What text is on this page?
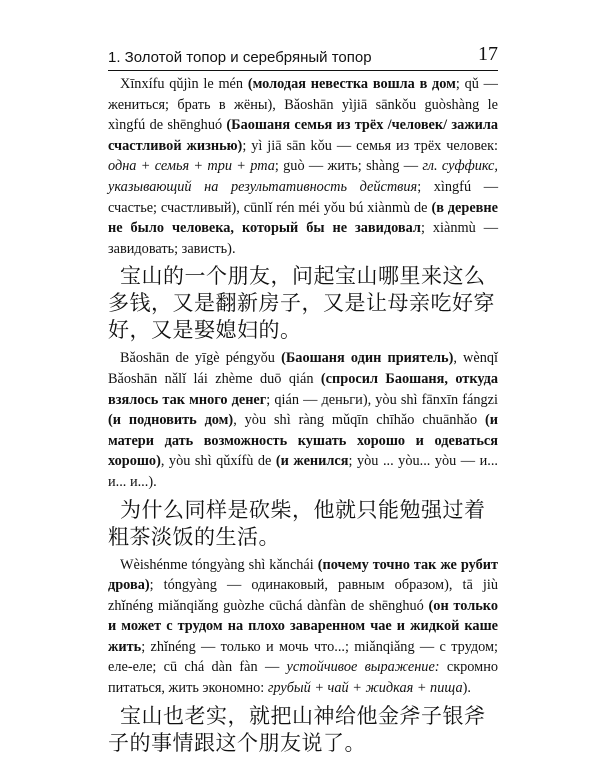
1. Золотой топор и серебряный топор	17

Xīnxífu qǔjìn le mén (молодая невестка вошла в дом; qǔ — жениться; брать в жёны), Bǎoshān yìjiā sānkǒu guòshàng le xìngfú de shēnghuó (Баошаня семья из трёх /человек/ зажила счастливой жизнью); yì jiā sān kǒu — семья из трёх человек: одна + семья + три + рта; guò — жить; shàng — гл. суффикс, указывающий на результативность действия; xìngfú — счастье; счастливый), cūnlǐ rén méi yǒu bú xiànmù de (в деревне не было человека, который бы не завидовал; xiànmù — завидовать; зависть).

宝山的一个朋友，问起宝山哪里来这么多钱，又是翻新房子，又是让母亲吃好穿好，又是娶媳妇的。

Bǎoshān de yīgè péngyǒu (Баошаня один приятель), wènqǐ Bǎoshān nǎlǐ lái zhème duō qián (спросил Баошаня, откуда взялось так много денег; qián — деньги), yòu shì fānxīn fángzi (и подновить дом), yòu shì ràng mǔqīn chīhǎo chuānhǎo (и матери дать возможность кушать хорошо и одеваться хорошо), yòu shì qǔxífù de (и женился; yòu ... yòu... yòu — и... и... и...).

为什么同样是砍柴，他就只能勉强过着粗茶淡饭的生活。

Wèishénme tóngyàng shì kǎnchái (почему точно так же рубит дрова); tóngyàng — одинаковый, равным образом), tā jiù zhǐnéng miǎnqiǎng guòzhe cūchá dànfàn de shēnghuó (он только и может с трудом на плохо заваренном чае и жидкой каше жить; zhǐnéng — только и мочь что...; miǎnqiǎng — с трудом; еле-еле; cū chá dàn fàn — устойчивое выражение: скромно питаться, жить экономно: грубый + чай + жидкая + пища).

宝山也老实，就把山神给他金斧子银斧子的事情跟这个朋友说了。
